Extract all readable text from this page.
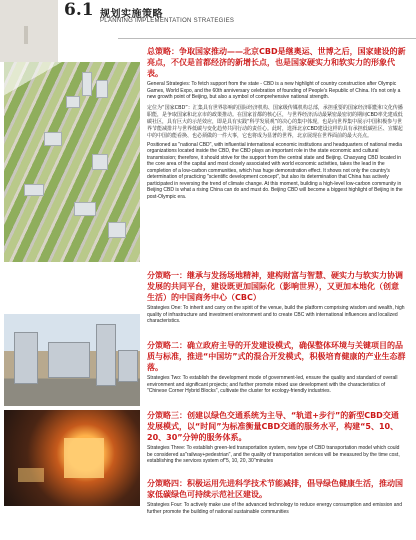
6.1 规划实施策略
PLANNING IMPLEMENTATION STRATEGIES

总策略：争取国家推动——北京CBD是继奥运、世博之后，国家建设的新亮点，不仅是首都经济的新增长点，也是国家硬实力和软实力的形象代表。

General Strategies: To fetch support from the state - CBD is a new highlight of country construction after Olympic Games, World Expo, and the 60th anniversary celebration of founding of People's Republic of China. It's not only a new growth point of Beijing, but also a symbol of comprehensive national strength.

定位为“国家CBD”：汇集具有世界影响的国际经济机构、国家级传媒机构总部，承担重要的国家经济职能和文化传播职能，是争取国家和北京市的政策推动。在国家首都的核心区，与世界经济活动最紧密最密切的期间CBD率先建成低碳社区，具有巨大的示范效应，即是具有实践“科学发展观”的决心的集中体现，也是向世界集中展示中国积极参与世界节能减排并与世界低碳与变化趋势共同行动的责任心。此时，选择北京CBD建设这样的具有承担低碳社区、宣耀起中的中国的能看换、也必须做的一件大事，它也将成为显著的世界，北京展现在世界面前的最大亮点。

Positioned as "national CBD", with influential international economic institutions and headquarters of national media organizations located inside the CBD, the CBD plays an important role in the state economic and cultural transmission; therefore, it should strive for the support from the central state and Beijing. Chaoyang CBD located in the core area of the capital and most closely associated with world economic activities, takes the lead in the completion of a low-carbon communities, which has huge demonstration effect. It shows not only the country's determination of practicing "scientific development concept", but also its determination that China has actively participated in reversing the trend of climate change. At this moment, building a high-level low-carbon community in Beijing CBD is what a rising China can do and must do. Beijing CBD will become a biggest highlight of Beijing in the post-Olympic era.

分策略一：继承与发扬场地精神，建构财富与智慧、硬实力与软实力协调发展的共同平台，建设既更加国际化（影响世界），又更加本地化（创意生活）的中国商务中心（CBC）

Strategies One: To inherit and carry on the spirit of the venue, build the platform comprising wisdom and wealth, high quality of infrastructure and investment environment and to create CBC with international influences and localized characteristics.

分策略二：确立政府主导的开发建设模式，确保整体环境与关键项目的品质与标准，推进“中国坊”式的混合开发模式，积极培育健康的产业生态群落。

Strategies Two: To establish the development mode of government-led, ensure the quality and standard of overall environment and significant projects; and further promote mixed use development with the characteristics of "Chinese Corner Hybrid Blocks", cultivate the cluster for ecology-friendly industries.

分策略三：创建以绿色交通系统为主导、“轨道+步行”的新型CBD交通发展模式，以“时间”为标准衡量CBD交通的服务水平，构建“5、10、20、30”分钟的服务体系。

Strategies Three: To establish green-led transportation system, new type of CBD transportation model which could be considered as"railway+pedestrian", and the quality of transportation services will be measured by the time cost, establishing the services system of"5, 10, 20, 30"minutes

分策略四：积极运用先进科学技术节能减排，倡导绿色健康生活，推动国家低碳绿色可持续示范社区建设。

Strategies Four: To actively make use of the advanced technology to reduce energy consumption and emission and further promote the building of national sustainable communities
